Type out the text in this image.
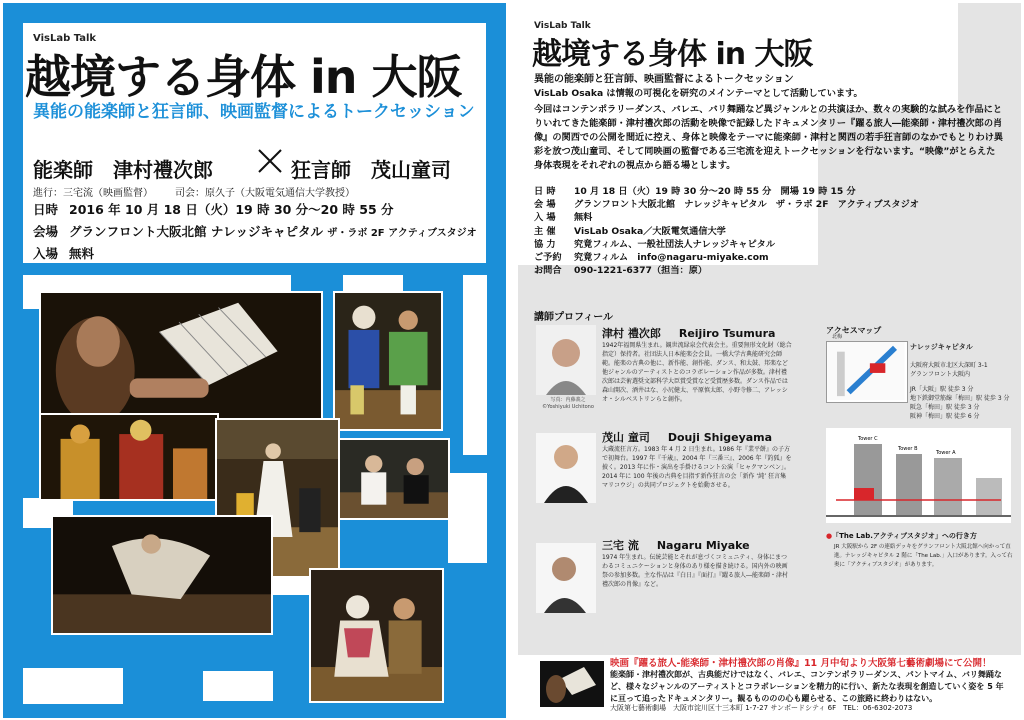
VisLab Talk
越境する身体 in 大阪
異能の能楽師と狂言師、映画監督によるトークセッション
能楽師　津村禮次郎	狂言師　茂山童司
進行：三宅流（映画監督） 司会：原久子（大阪電気通信大学教授）
日時 2016 年 10 月 18 日（火）19 時 30 分～20 時 55 分
会場 グランフロント大阪北館 ナレッジキャピタル ザ・ラボ 2F アクティブスタジオ
入場 無料
VisLab Talk
越境する身体 in 大阪
異能の能楽師と狂言師、映画監督によるトークセッション
VisLab Osaka は情報の可視化を研究のメインテーマとして活動しています。
今回はコンテンポラリーダンス、バレエ、バリ舞踊など異ジャンルとの共演ほか、数々の実験的な試みを作品にとりいれてきた能楽師・津村禮次郎の活動を映像で記録したドキュメンタリー『躍る旅人―能楽師・津村禮次郎の肖像』の関西での公開を間近に控え、身体と映像をテーマに能楽師・津村と関西の若手狂言師のなかでもとりわけ異彩を放つ茂山童司、そして同映画の監督である三宅流を迎えトークセッションを行ないます。“映像”がとらえた身体表現をそれぞれの視点から語る場とします。
日 時 10 月 18 日（火）19 時 30 分～20 時 55 分　開場 19 時 15 分
会 場 グランフロント大阪北館　ナレッジキャピタル　ザ・ラボ 2F　アクティブスタジオ
入 場 無料
主 催 VisLab Osaka／大阪電気通信大学
協 力 究竟フィルム、一般社団法人ナレッジキャピタル
ご予約 究竟フィルム　info@nagaru-miyake.com
お問合 090-1221-6377（担当：原）
講師プロフィール
写真：内藤義之 ©Yoshiyuki Uchitono
津村 禮次郎 Reijiro Tsumura
1942年福岡県生まれ。観世流緑泉会代表会主。重要無形文化財（総合指定）保持者。社団法人日本能楽会会員。一橋大学古典能研究会師範。能楽の古典の他に、新作能、創作能、ダンス、和太鼓、邦楽など他ジャンルのアーティストとのコラボレーション作品が多数。津村禮次郎は芸術選奨文部科学大臣賞受賞など受賞歴多数。ダンス作品では森山開次、酒井はな、小尻健太、平原慎太郎、小野寺修二、アレッシオ・シルベストリンらと創作。
茂山 童司 Douji Shigeyama
大蔵流狂言方。1983 年 4 月 2 日生まれ。1986 年『業平餅』の子方で初舞台。1997 年『千歳』、2004 年『三番三』、2006 年『釣狐』を披く。2013 年に作・演出を手掛けるコント公演「ヒャクマンベン」。2014 年に 100 年後の古典を目指す新作狂言の会「新作 ‘純’ 狂言集マリコウジ」の共同プロジェクトを始動させる。
三宅 流 Nagaru Miyake
1974 年生まれ。伝統芸能とそれが息づくコミュニティ、身体にまつわるコミュニケーションと身体のあり様を描き続ける。国内外の映画祭の参加多数。主な作品は『白日』『面打』『躍る旅人―能楽師・津村禮次郎の肖像』など。
アクセスマップ
ナレッジキャピタル
北梅
大阪府大阪市北区大深町 3-1
グランフロント大阪内
JR「大阪」駅 徒歩 3 分
地下鉄御堂筋線「梅田」駅 徒歩 3 分
阪急「梅田」駅 徒歩 3 分
阪神「梅田」駅 徒歩 6 分
Tower C
Tower B
Tower A
●「The Lab.アクティブスタジオ」への行き方
JR 大阪駅から 2F の連絡デッキをグランフロント大阪北館へ向かって直進。ナレッジキャピタル 2 階に「The Lab.」入口があります。入って右奥に「アクティブスタジオ」があります。
映画『躍る旅人-能楽師・津村禮次郎の肖像』11 月中旬より大阪第七藝術劇場にて公開！
能楽師・津村禮次郎が、古典能だけではなく、バレエ、コンテンポラリーダンス、パントマイム、バリ舞踊など、様々なジャンルのアーティストとコラボレーションを精力的に行い、新たな表現を創造していく姿を 5 年に亘って追ったドキュメンタリー。観るもののの心も躍らせる、この旅路に終わりはない。
大阪第七藝術劇場　大阪市淀川区十三本町 1-7-27 サンポードシティ 6F　TEL：06-6302-2073
